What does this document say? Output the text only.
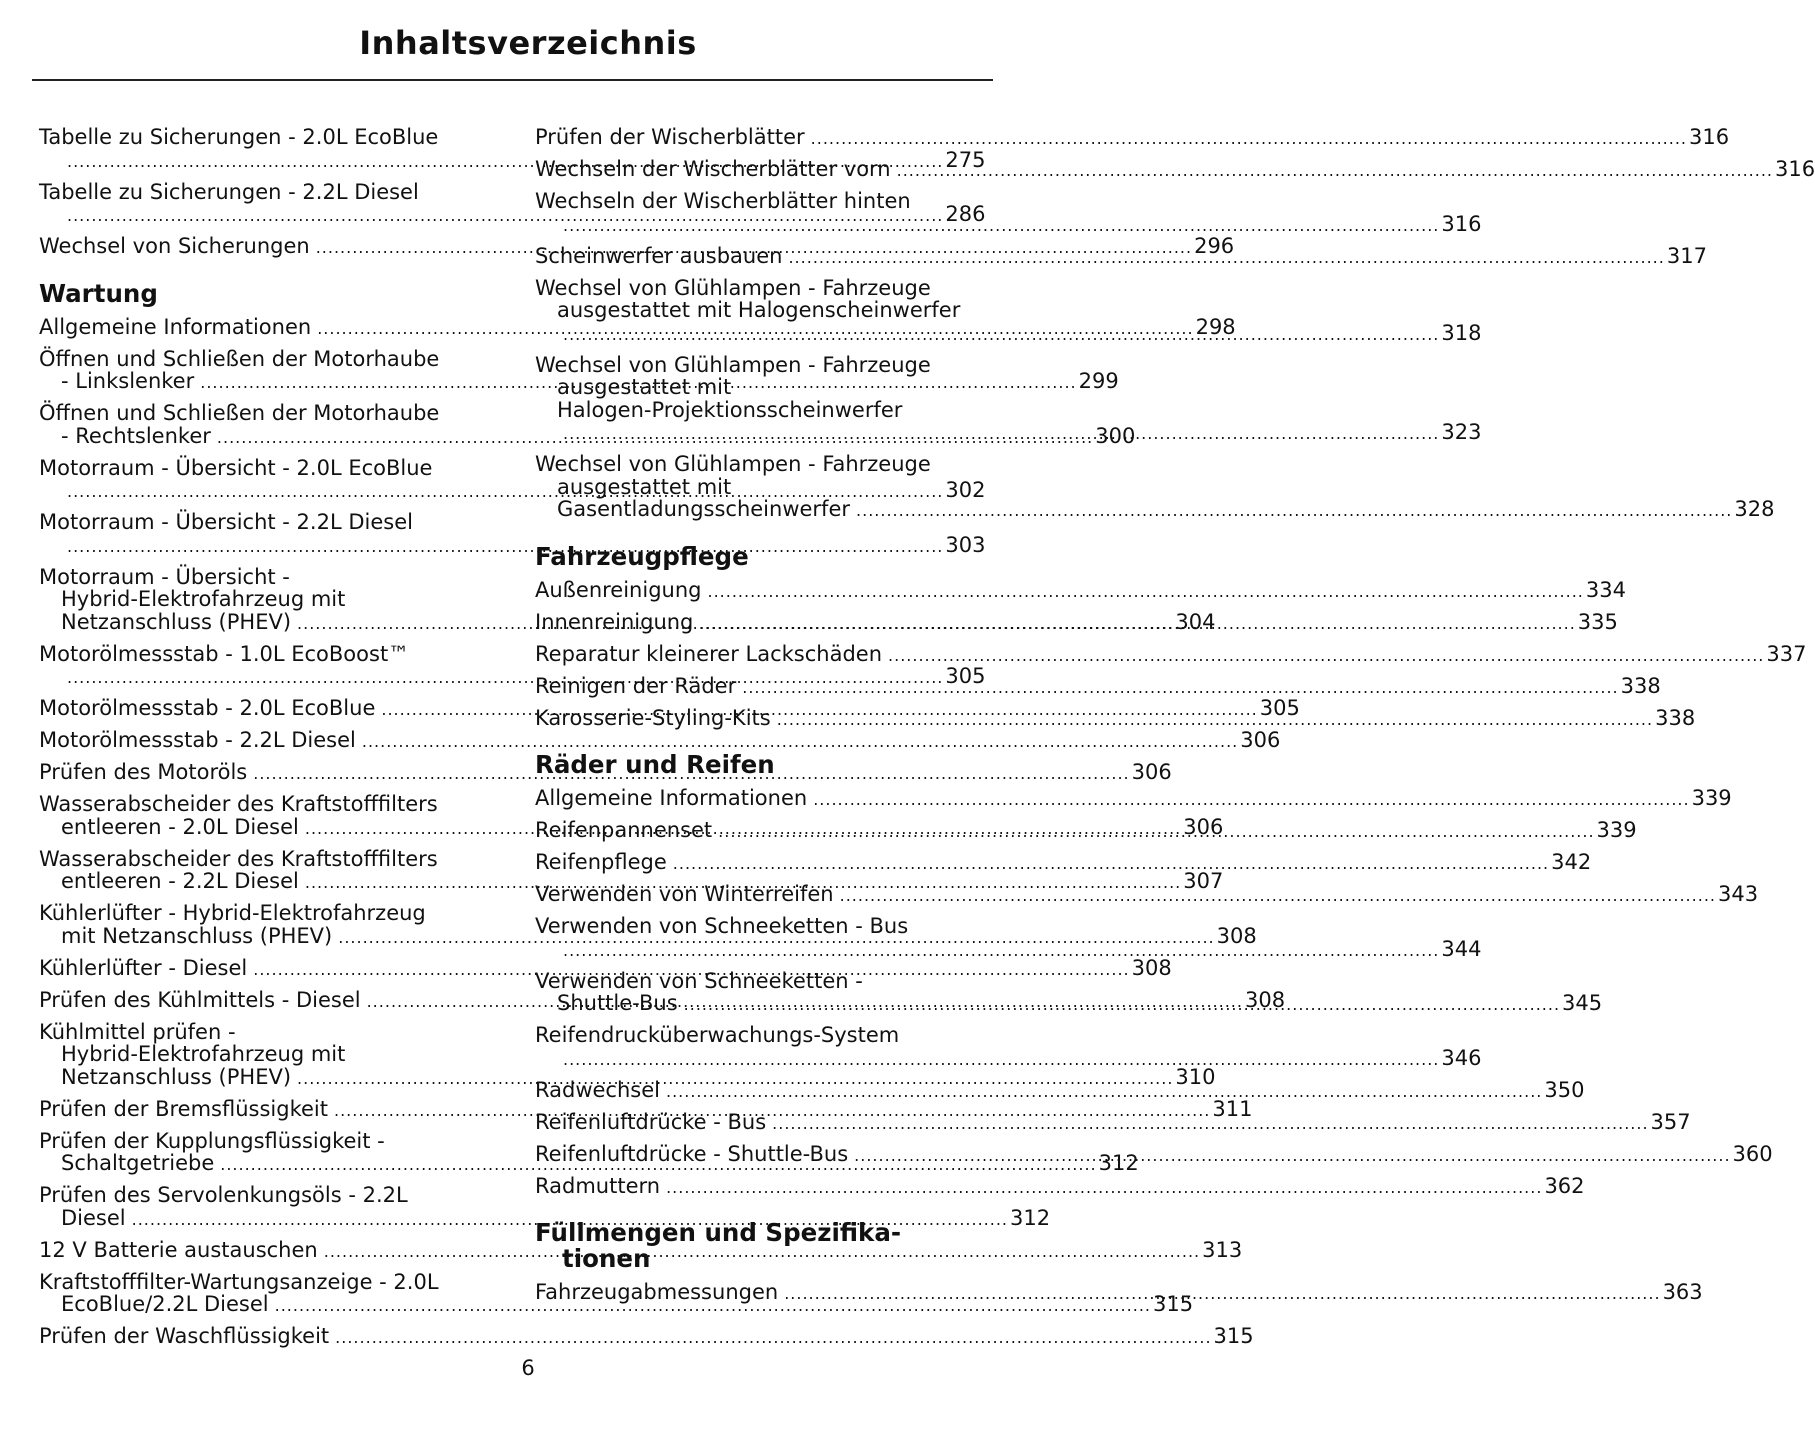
Inhaltsverzeichnis
Tabelle zu Sicherungen - 2.0L EcoBlue
.....275
Tabelle zu Sicherungen - 2.2L Diesel
.....286
Wechsel von Sicherungen .....	296
Wartung
Allgemeine Informationen .....	298
Öffnen und Schließen der Motorhaube
- Linkslenker .....	299
Öffnen und Schließen der Motorhaube
- Rechtslenker .....	300
Motorraum - Übersicht - 2.0L EcoBlue
.....302
Motorraum - Übersicht - 2.2L Diesel
.....303
Motorraum - Übersicht -
Hybrid-Elektrofahrzeug mit
Netzanschluss (PHEV) .....	304
Motorölmessstab - 1.0L EcoBoost™
.....305
Motorölmessstab - 2.0L EcoBlue .....	305
Motorölmessstab - 2.2L Diesel .....	306
Prüfen des Motoröls .....	306
Wasserabscheider des Kraftstofffilters
entleeren - 2.0L Diesel .....	306
Wasserabscheider des Kraftstofffilters
entleeren - 2.2L Diesel .....	307
Kühlerlüfter - Hybrid-Elektrofahrzeug
mit Netzanschluss (PHEV) .....	308
Kühlerlüfter - Diesel .....	308
Prüfen des Kühlmittels - Diesel .....	308
Kühlmittel prüfen -
Hybrid-Elektrofahrzeug mit
Netzanschluss (PHEV) .....	310
Prüfen der Bremsflüssigkeit .....	311
Prüfen der Kupplungsflüssigkeit -
Schaltgetriebe .....	312
Prüfen des Servolenkungsöls - 2.2L
Diesel .....	312
12 V Batterie austauschen .....	313
Kraftstofffilter-Wartungsanzeige - 2.0L
EcoBlue/2.2L Diesel .....	315
Prüfen der Waschflüssigkeit .....	315
Prüfen der Wischerblätter .....	316
Wechseln der Wischerblätter vorn .....	316
Wechseln der Wischerblätter hinten
.....316
Scheinwerfer ausbauen .....	317
Wechsel von Glühlampen - Fahrzeuge
ausgestattet mit Halogenscheinwerfer
.....318
Wechsel von Glühlampen - Fahrzeuge
ausgestattet mit
Halogen-Projektionsscheinwerfer
.....323
Wechsel von Glühlampen - Fahrzeuge
ausgestattet mit
Gasentladungsscheinwerfer .....	328
Fahrzeugpflege
Außenreinigung .....	334
Innenreinigung .....	335
Reparatur kleinerer Lackschäden .....	337
Reinigen der Räder .....	338
Karosserie-Styling-Kits .....	338
Räder und Reifen
Allgemeine Informationen .....	339
Reifenpannenset .....	339
Reifenpflege .....	342
Verwenden von Winterreifen .....	343
Verwenden von Schneeketten - Bus
.....344
Verwenden von Schneeketten -
Shuttle-Bus .....	345
Reifendrucküberwachungs-System
.....346
Radwechsel .....	350
Reifenluftdrücke - Bus .....	357
Reifenluftdrücke - Shuttle-Bus .....	360
Radmuttern .....	362
Füllmengen und Spezifika-
tionen
Fahrzeugabmessungen .....	363
6
